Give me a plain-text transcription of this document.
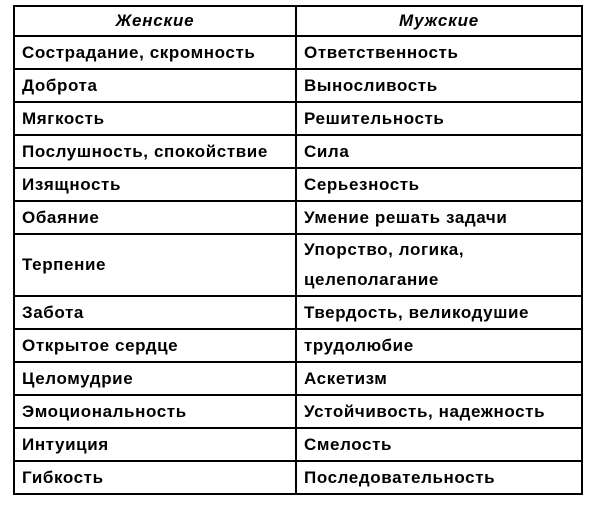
Женские	Мужские
Сострадание, скромность	Ответственность
Доброта	Выносливость
Мягкость	Решительность
Послушность, спокойствие	Сила
Изящность	Серьезность
Обаяние	Умение решать задачи
Терпение	Упорство, логика, целеполагание
Забота	Твердость, великодушие
Открытое сердце	трудолюбие
Целомудрие	Аскетизм
Эмоциональность	Устойчивость, надежность
Интуиция	Смелость
Гибкость	Последовательность
